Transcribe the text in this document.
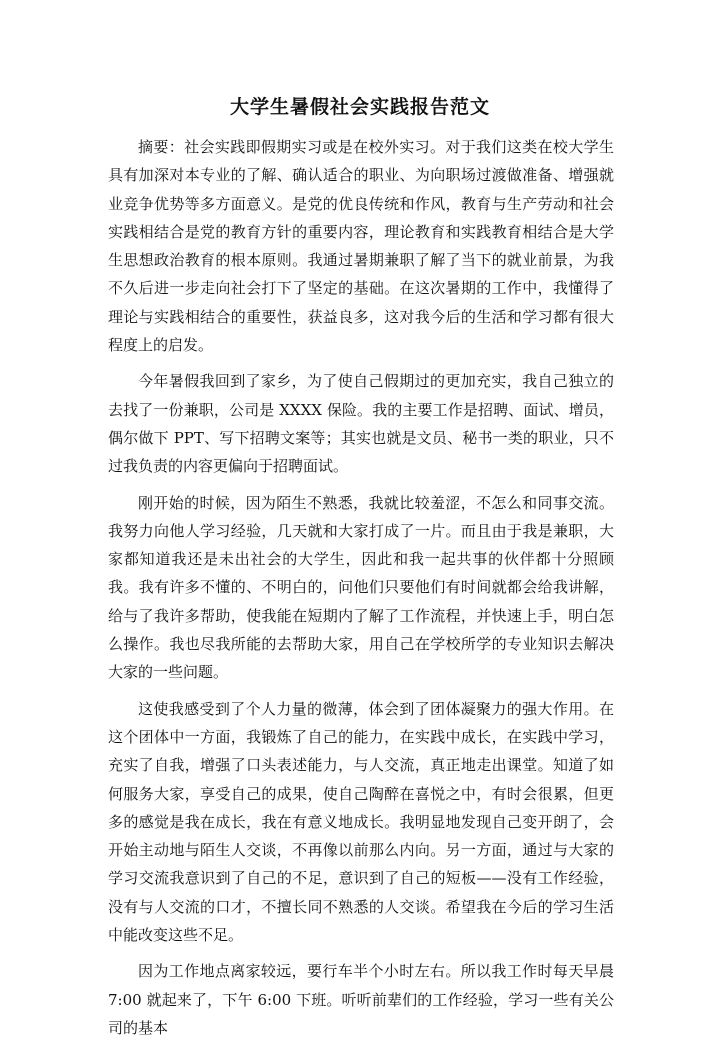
大学生暑假社会实践报告范文

摘要：社会实践即假期实习或是在校外实习。对于我们这类在校大学生具有加深对本专业的了解、确认适合的职业、为向职场过渡做准备、增强就业竞争优势等多方面意义。是党的优良传统和作风，教育与生产劳动和社会实践相结合是党的教育方针的重要内容，理论教育和实践教育相结合是大学生思想政治教育的根本原则。我通过暑期兼职了解了当下的就业前景，为我不久后进一步走向社会打下了坚定的基础。在这次暑期的工作中，我懂得了理论与实践相结合的重要性，获益良多，这对我今后的生活和学习都有很大程度上的启发。

今年暑假我回到了家乡，为了使自己假期过的更加充实，我自己独立的去找了一份兼职，公司是 XXXX 保险。我的主要工作是招聘、面试、增员，偶尔做下 PPT、写下招聘文案等；其实也就是文员、秘书一类的职业，只不过我负责的内容更偏向于招聘面试。

刚开始的时候，因为陌生不熟悉，我就比较羞涩，不怎么和同事交流。我努力向他人学习经验，几天就和大家打成了一片。而且由于我是兼职，大家都知道我还是未出社会的大学生，因此和我一起共事的伙伴都十分照顾我。我有许多不懂的、不明白的，问他们只要他们有时间就都会给我讲解，给与了我许多帮助，使我能在短期内了解了工作流程，并快速上手，明白怎么操作。我也尽我所能的去帮助大家，用自己在学校所学的专业知识去解决大家的一些问题。

这使我感受到了个人力量的微薄，体会到了团体凝聚力的强大作用。在这个团体中一方面，我锻炼了自己的能力，在实践中成长，在实践中学习，充实了自我，增强了口头表述能力，与人交流，真正地走出课堂。知道了如何服务大家，享受自己的成果，使自己陶醉在喜悦之中，有时会很累，但更多的感觉是我在成长，我在有意义地成长。我明显地发现自己变开朗了，会开始主动地与陌生人交谈，不再像以前那么内向。另一方面，通过与大家的学习交流我意识到了自己的不足，意识到了自己的短板——没有工作经验，没有与人交流的口才，不擅长同不熟悉的人交谈。希望我在今后的学习生活中能改变这些不足。

因为工作地点离家较远，要行车半个小时左右。所以我工作时每天早晨 7:00 就起来了，下午 6:00 下班。听听前辈们的工作经验，学习一些有关公司的基本
